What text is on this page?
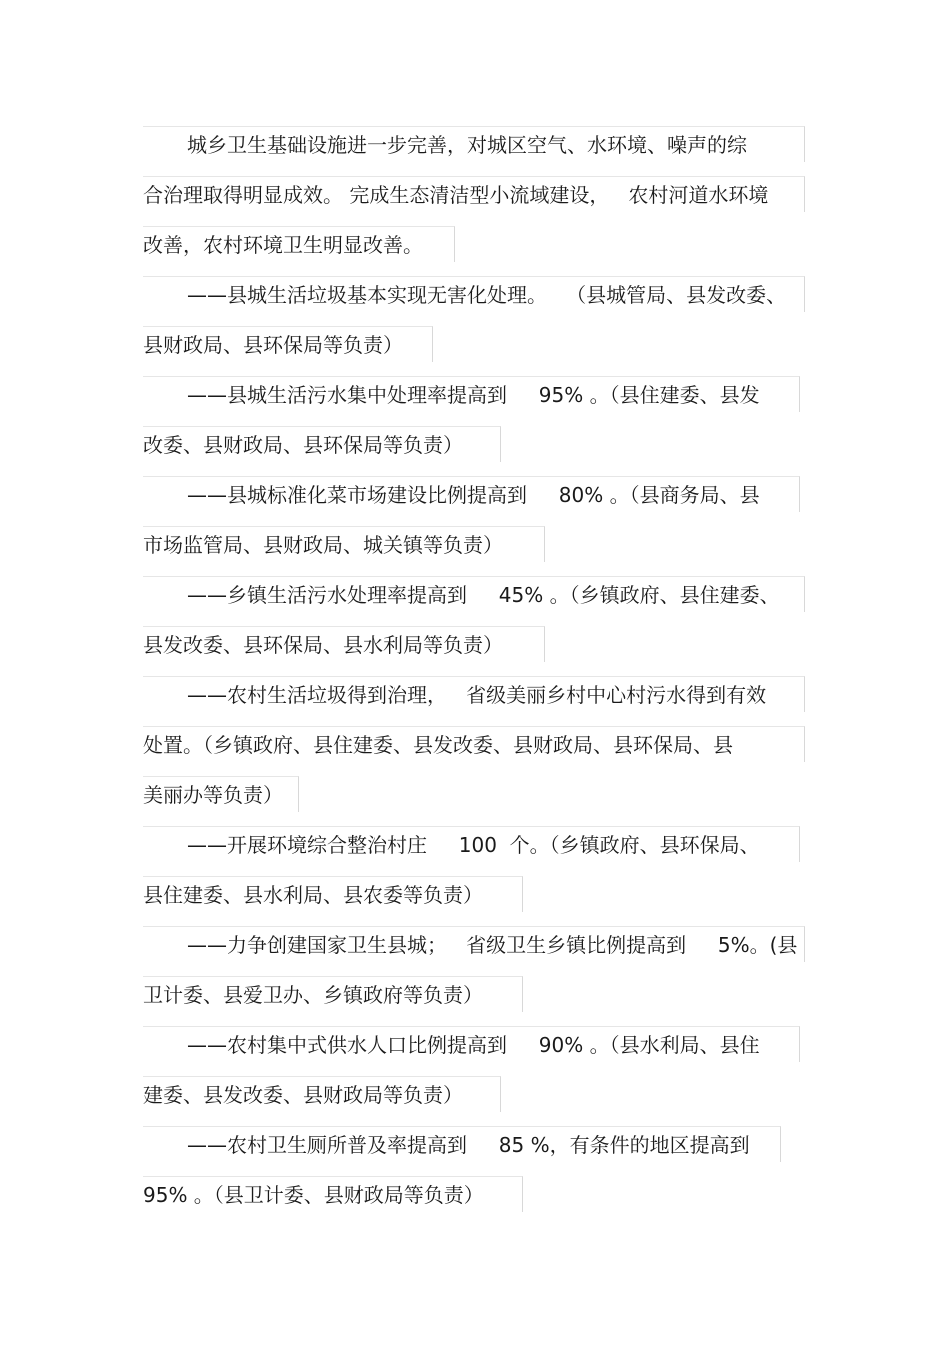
城乡卫生基础设施进一步完善，对城区空气、水环境、噪声的综
合治理取得明显成效。 完成生态清洁型小流域建设，   农村河道水环境
改善，农村环境卫生明显改善。
——县城生活垃圾基本实现无害化处理。   （县城管局、县发改委、
县财政局、县环保局等负责）
——县城生活污水集中处理率提高到     95% 。（县住建委、县发
改委、县财政局、县环保局等负责）
——县城标准化菜市场建设比例提高到     80% 。（县商务局、县
市场监管局、县财政局、城关镇等负责）
——乡镇生活污水处理率提高到     45% 。（乡镇政府、县住建委、
县发改委、县环保局、县水利局等负责）
——农村生活垃圾得到治理，   省级美丽乡村中心村污水得到有效
处置。（乡镇政府、县住建委、县发改委、县财政局、县环保局、县
美丽办等负责）
——开展环境综合整治村庄     100  个。（乡镇政府、县环保局、
县住建委、县水利局、县农委等负责）
——力争创建国家卫生县城；   省级卫生乡镇比例提高到     5%。(县
卫计委、县爱卫办、乡镇政府等负责）
——农村集中式供水人口比例提高到     90% 。（县水利局、县住
建委、县发改委、县财政局等负责）
——农村卫生厕所普及率提高到     85 %，有条件的地区提高到
95% 。（县卫计委、县财政局等负责）
